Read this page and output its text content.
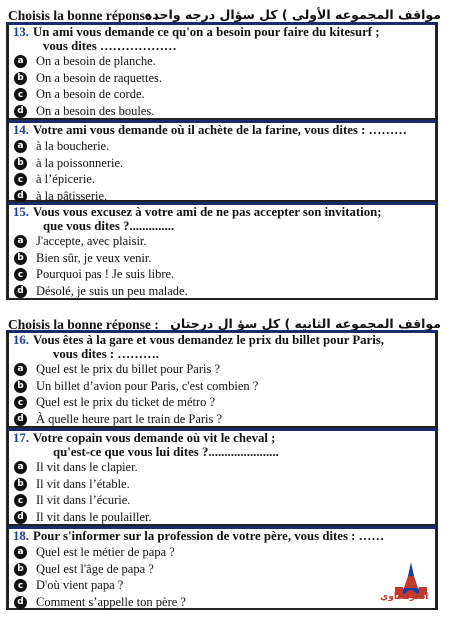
Choisis la bonne réponse :
مواقف المجموعه الأولى ) كل سؤال درجه واحده
13. Un ami vous demande ce qu'on a besoin pour faire du kitesurf ;
vous dites ………………
a On a besoin de planche.
b On a besoin de raquettes.
c	On a besoin de corde.
d On a besoin des boules.
14. Votre ami vous demande où il achète de la farine, vous dites : ………
a à la boucherie.
b à la poissonnerie.
c	à l’épicerie.
d à la pâtisserie.
15. Vous vous excusez à votre ami de ne pas accepter son invitation;
que vous dites ?..............
a J'accepte, avec plaisir.
b Bien sûr, je veux venir.
c	Pourquoi pas ! Je suis libre.
d Désolé, je suis un peu malade.
Choisis la bonne réponse : مواقف المجموعه الثانيه ) كل سؤ ال درجتان
16. Vous êtes à la gare et vous demandez le prix du billet pour Paris,
vous dites : ……….
a Quel est le prix du billet pour Paris ?
b Un billet d’avion pour Paris, c'est combien ?
c	Quel est le prix du ticket de métro ?
d À quelle heure part le train de Paris ?
17. Votre copain vous demande où vit le cheval ;
qu'est-ce que vous lui dites ?......................
a Il vit dans le clapier.
b Il vit dans l’étable.
c	Il vit dans l’écurie.
d Il vit dans le poulailler.
18. Pour s'informer sur la profession de votre père, vous dites : ……
a Quel est le métier de papa ?
b Quel est l'âge de papa ?
c	D'où vient papa ?
d Comment s’appelle ton père ?	الفرنساوي
